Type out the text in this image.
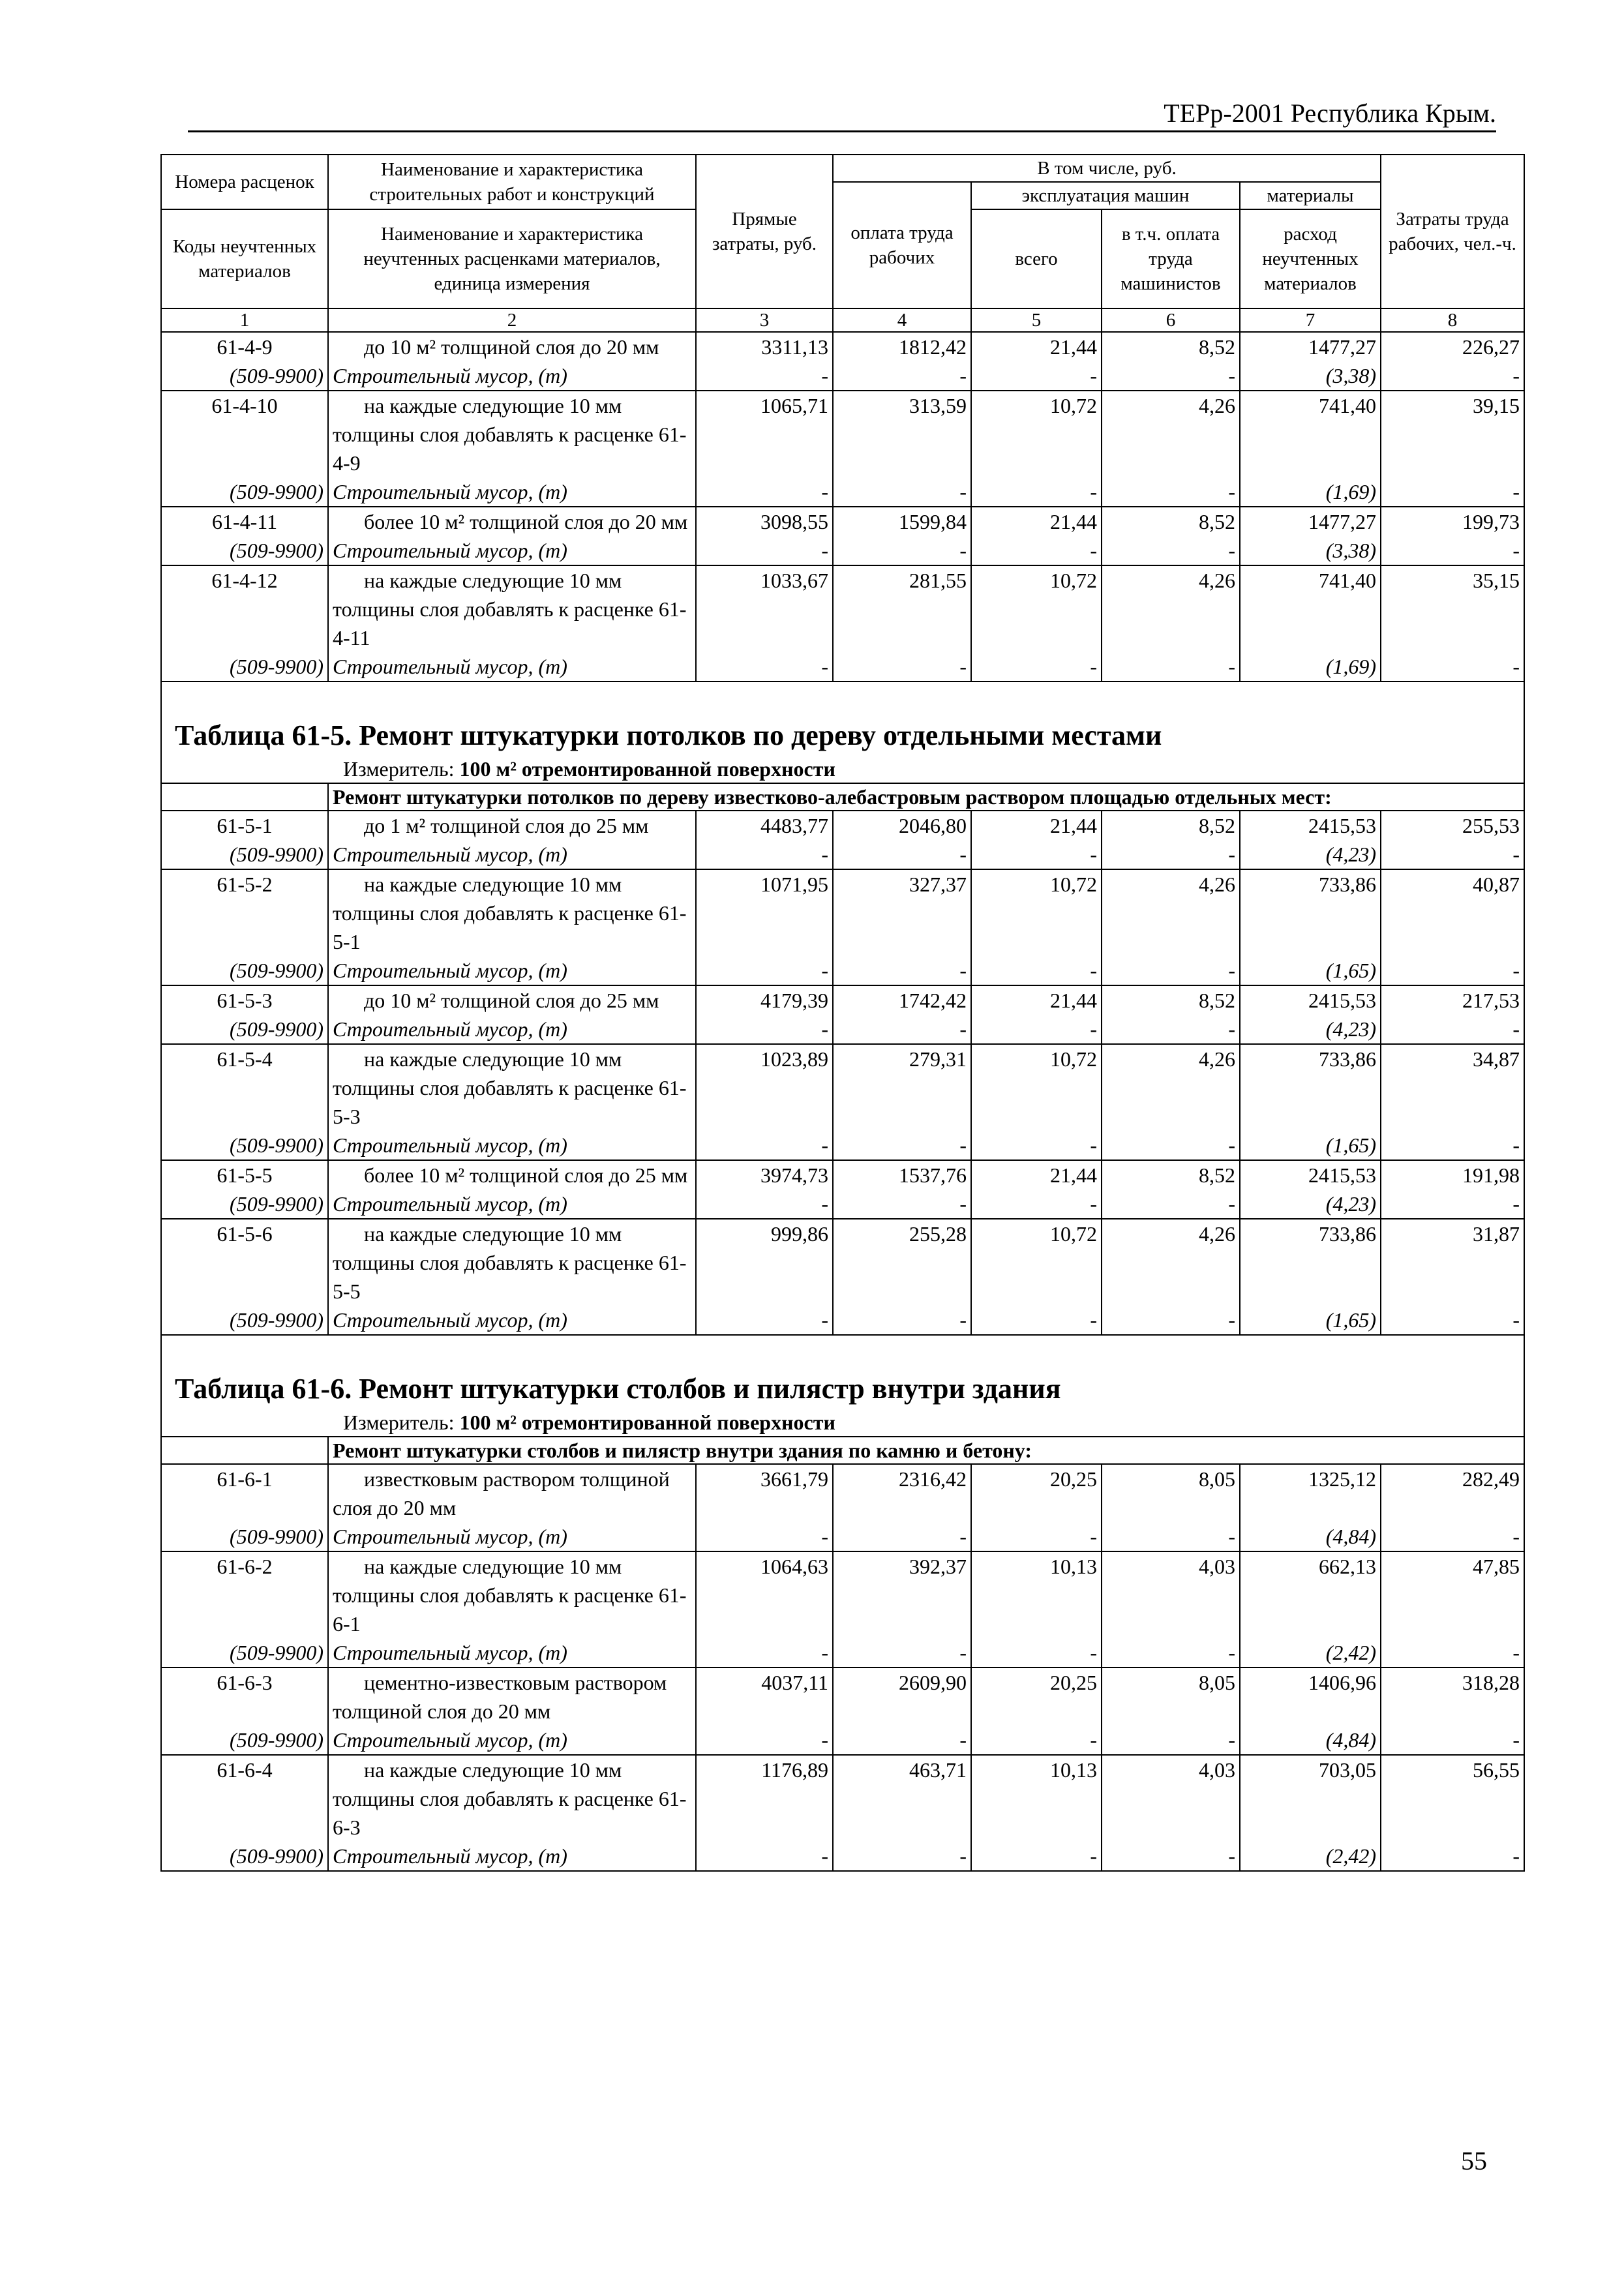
ТЕРр-2001 Республика Крым.
Номера расценок	Наименование и характеристика строительных работ и конструкций	Прямые затраты, руб.	В том числе, руб.				Затраты труда рабочих, чел.-ч.
			оплата труда рабочих	эксплуатация машин		материалы	
Коды неучтенных материалов	Наименование и характеристика неучтенных расценками материалов, единица измерения			всего	в т.ч. оплата труда машинистов	расход неучтенных материалов	
1	2	3	4	5	6	7	8
61-4-9	до 10 м² толщиной слоя до 20 мм	3311,13	1812,42	21,44	8,52	1477,27	226,27
(509-9900)	Строительный мусор, (т)	-	-	-	-	(3,38)	-
61-4-10	на каждые следующие 10 мм толщины слоя добавлять к расценке 61-4-9	1065,71	313,59	10,72	4,26	741,40	39,15
(509-9900)	Строительный мусор, (т)	-	-	-	-	(1,69)	-
61-4-11	более 10 м² толщиной слоя до 20 мм	3098,55	1599,84	21,44	8,52	1477,27	199,73
(509-9900)	Строительный мусор, (т)	-	-	-	-	(3,38)	-
61-4-12	на каждые следующие 10 мм толщины слоя добавлять к расценке 61-4-11	1033,67	281,55	10,72	4,26	741,40	35,15
(509-9900)	Строительный мусор, (т)	-	-	-	-	(1,69)	-

Таблица 61-5. Ремонт штукатурки потолков по дереву отдельными местами							
Измеритель: 100 м² отремонтированной поверхности							
	Ремонт штукатурки потолков по дереву известково-алебастровым раствором площадью отдельных мест:						
61-5-1	до 1 м² толщиной слоя до 25 мм	4483,77	2046,80	21,44	8,52	2415,53	255,53
(509-9900)	Строительный мусор, (т)	-	-	-	-	(4,23)	-
61-5-2	на каждые следующие 10 мм толщины слоя добавлять к расценке 61-5-1	1071,95	327,37	10,72	4,26	733,86	40,87
(509-9900)	Строительный мусор, (т)	-	-	-	-	(1,65)	-
61-5-3	до 10 м² толщиной слоя до 25 мм	4179,39	1742,42	21,44	8,52	2415,53	217,53
(509-9900)	Строительный мусор, (т)	-	-	-	-	(4,23)	-
61-5-4	на каждые следующие 10 мм толщины слоя добавлять к расценке 61-5-3	1023,89	279,31	10,72	4,26	733,86	34,87
(509-9900)	Строительный мусор, (т)	-	-	-	-	(1,65)	-
61-5-5	более 10 м² толщиной слоя до 25 мм	3974,73	1537,76	21,44	8,52	2415,53	191,98
(509-9900)	Строительный мусор, (т)	-	-	-	-	(4,23)	-
61-5-6	на каждые следующие 10 мм толщины слоя добавлять к расценке 61-5-5	999,86	255,28	10,72	4,26	733,86	31,87
(509-9900)	Строительный мусор, (т)	-	-	-	-	(1,65)	-

Таблица 61-6. Ремонт штукатурки столбов и пилястр внутри здания							
Измеритель: 100 м² отремонтированной поверхности							
	Ремонт штукатурки столбов и пилястр внутри здания по камню и бетону:						
61-6-1	известковым раствором толщиной слоя до 20 мм	3661,79	2316,42	20,25	8,05	1325,12	282,49
(509-9900)	Строительный мусор, (т)	-	-	-	-	(4,84)	-
61-6-2	на каждые следующие 10 мм толщины слоя добавлять к расценке 61-6-1	1064,63	392,37	10,13	4,03	662,13	47,85
(509-9900)	Строительный мусор, (т)	-	-	-	-	(2,42)	-
61-6-3	цементно-известковым раствором толщиной слоя до 20 мм	4037,11	2609,90	20,25	8,05	1406,96	318,28
(509-9900)	Строительный мусор, (т)	-	-	-	-	(4,84)	-
61-6-4	на каждые следующие 10 мм толщины слоя добавлять к расценке 61-6-3	1176,89	463,71	10,13	4,03	703,05	56,55
(509-9900)	Строительный мусор, (т)	-	-	-	-	(2,42)	-
55
